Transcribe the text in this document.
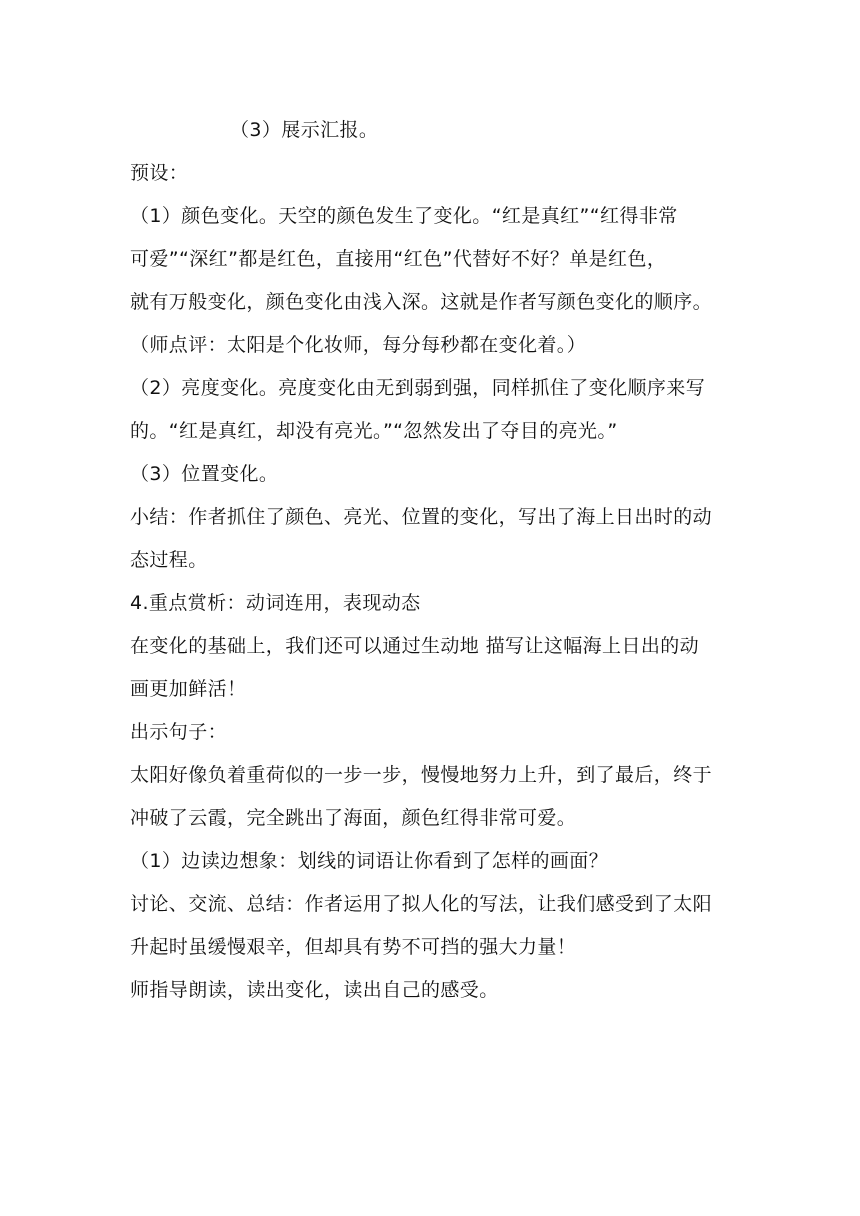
（3）展示汇报。
预设：
（1）颜色变化。天空的颜色发生了变化。“红是真红”“红得非常
可爱”“深红”都是红色，直接用“红色”代替好不好？单是红色，
就有万般变化，颜色变化由浅入深。这就是作者写颜色变化的顺序。
（师点评：太阳是个化妆师，每分每秒都在变化着。）
（2）亮度变化。亮度变化由无到弱到强，同样抓住了变化顺序来写
的。“红是真红，却没有亮光。”“忽然发出了夺目的亮光。”
（3）位置变化。
小结：作者抓住了颜色、亮光、位置的变化，写出了海上日出时的动
态过程。
4.重点赏析：动词连用，表现动态
在变化的基础上，我们还可以通过生动地 描写让这幅海上日出的动
画更加鲜活！
出示句子：
太阳好像负着重荷似的一步一步，慢慢地努力上升，到了最后，终于
冲破了云霞，完全跳出了海面，颜色红得非常可爱。
（1）边读边想象：划线的词语让你看到了怎样的画面？
讨论、交流、总结：作者运用了拟人化的写法，让我们感受到了太阳
升起时虽缓慢艰辛，但却具有势不可挡的强大力量！
师指导朗读，读出变化，读出自己的感受。
